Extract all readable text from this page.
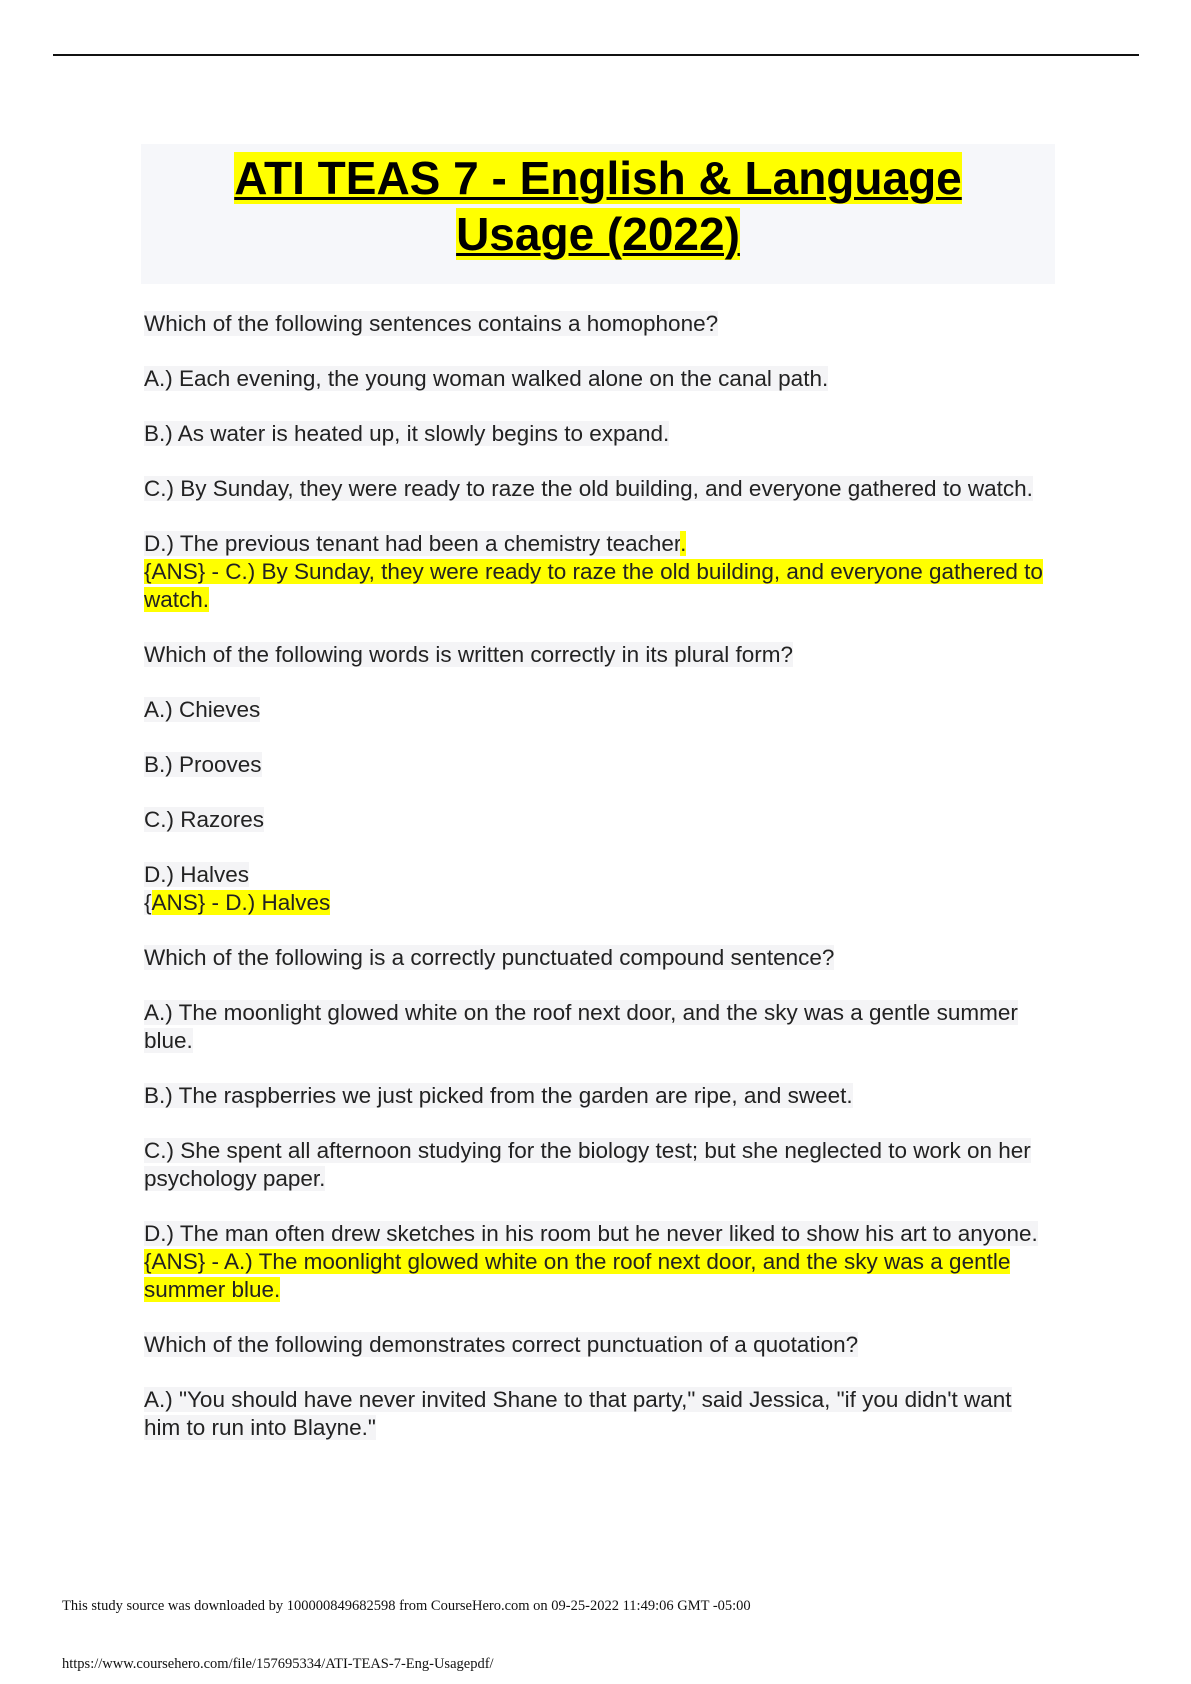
ATI TEAS 7 - English & Language Usage (2022)

Which of the following sentences contains a homophone?

A.) Each evening, the young woman walked alone on the canal path.

B.) As water is heated up, it slowly begins to expand.

C.) By Sunday, they were ready to raze the old building, and everyone gathered to watch.

D.) The previous tenant had been a chemistry teacher.

{ANS} - C.) By Sunday, they were ready to raze the old building, and everyone gathered to watch.

Which of the following words is written correctly in its plural form?

A.) Chieves

B.) Prooves

C.) Razores

D.) Halves

{ANS} - D.) Halves

Which of the following is a correctly punctuated compound sentence?

A.) The moonlight glowed white on the roof next door, and the sky was a gentle summer blue.

B.) The raspberries we just picked from the garden are ripe, and sweet.

C.) She spent all afternoon studying for the biology test; but she neglected to work on her psychology paper.

D.) The man often drew sketches in his room but he never liked to show his art to anyone.

{ANS} - A.) The moonlight glowed white on the roof next door, and the sky was a gentle summer blue.

Which of the following demonstrates correct punctuation of a quotation?

A.) "You should have never invited Shane to that party," said Jessica, "if you didn't want him to run into Blayne."

This study source was downloaded by 100000849682598 from CourseHero.com on 09-25-2022 11:49:06 GMT -05:00
https://www.coursehero.com/file/157695334/ATI-TEAS-7-Eng-Usagepdf/
